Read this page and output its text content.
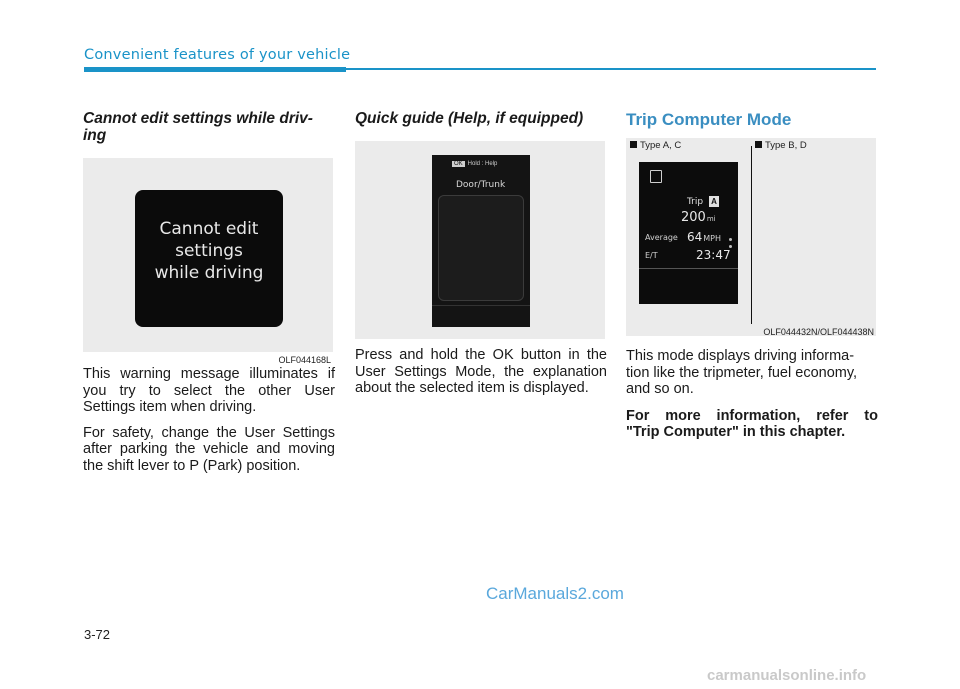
Convenient features of your vehicle

Cannot edit settings while driv-
ing

Cannot edit
settings
while driving
OLF044168L

This warning message illuminates if you try to select the other User Settings item when driving.

For safety, change the User Settings after parking the vehicle and moving the shift lever to P (Park) position.

Quick guide (Help, if equipped)

OK Hold : Help
Door/Trunk

Press and hold the OK button in the User Settings Mode, the explanation about the selected item is displayed.

Trip Computer Mode

Type A, C	Type B, D
Trip A
200mi
Average 64MPH
E/T	23:47
OLF044432N/OLF044438N

This mode displays driving informa-
tion like the tripmeter, fuel economy, and so on.

For more information, refer to
"Trip Computer" in this chapter.

CarManuals2.com
3-72
carmanualsonline.info
